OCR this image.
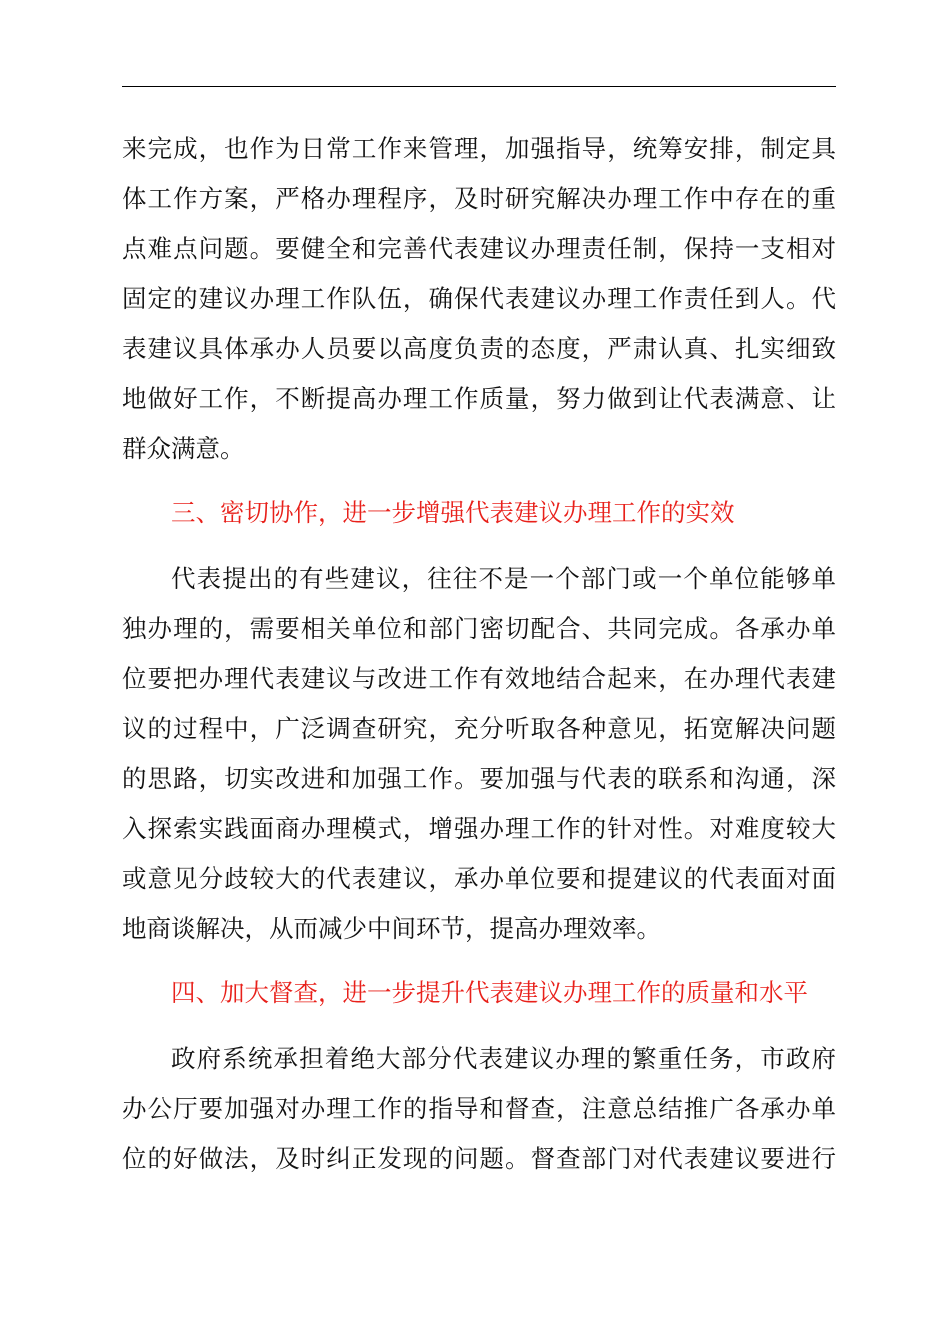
来完成，也作为日常工作来管理，加强指导，统筹安排，制定具
体工作方案，严格办理程序，及时研究解决办理工作中存在的重
点难点问题。要健全和完善代表建议办理责任制，保持一支相对
固定的建议办理工作队伍，确保代表建议办理工作责任到人。代
表建议具体承办人员要以高度负责的态度，严肃认真、扎实细致
地做好工作，不断提高办理工作质量，努力做到让代表满意、让
群众满意。
三、密切协作，进一步增强代表建议办理工作的实效
代表提出的有些建议，往往不是一个部门或一个单位能够单
独办理的，需要相关单位和部门密切配合、共同完成。各承办单
位要把办理代表建议与改进工作有效地结合起来，在办理代表建
议的过程中，广泛调查研究，充分听取各种意见，拓宽解决问题
的思路，切实改进和加强工作。要加强与代表的联系和沟通，深
入探索实践面商办理模式，增强办理工作的针对性。对难度较大
或意见分歧较大的代表建议，承办单位要和提建议的代表面对面
地商谈解决，从而减少中间环节，提高办理效率。
四、加大督查，进一步提升代表建议办理工作的质量和水平
政府系统承担着绝大部分代表建议办理的繁重任务，市政府
办公厅要加强对办理工作的指导和督查，注意总结推广各承办单
位的好做法，及时纠正发现的问题。督查部门对代表建议要进行
